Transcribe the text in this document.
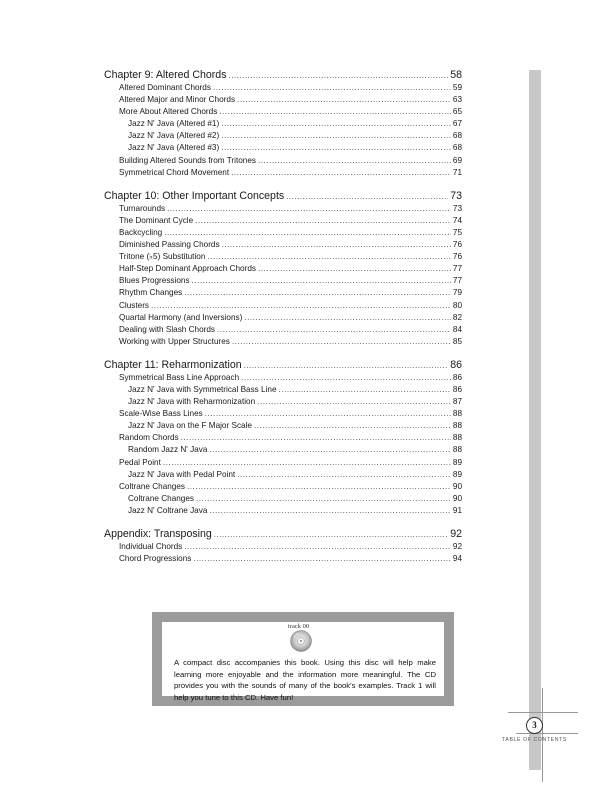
Chapter 9: Altered Chords .....	58
Altered Dominant Chords .....	59
Altered Major and Minor Chords .....	63
More About Altered Chords .....	65
Jazz N' Java (Altered #1) .....	67
Jazz N' Java (Altered #2) .....	68
Jazz N' Java (Altered #3) .....	68
Building Altered Sounds from Tritones .....	69
Symmetrical Chord Movement .....	71
Chapter 10: Other Important Concepts .....	73
Turnarounds .....	73
The Dominant Cycle .....	74
Backcycling .....	75
Diminished Passing Chords .....	76
Tritone (♭5) Substitution .....	76
Half-Step Dominant Approach Chords .....	77
Blues Progressions .....	77
Rhythm Changes .....	79
Clusters .....	80
Quartal Harmony (and Inversions) .....	82
Dealing with Slash Chords .....	84
Working with Upper Structures .....	85
Chapter 11: Reharmonization .....	86
Symmetrical Bass Line Approach .....	86
Jazz N' Java with Symmetrical Bass Line .....	86
Jazz N' Java with Reharmonization .....	87
Scale-Wise Bass Lines .....	88
Jazz N' Java on the F Major Scale .....	88
Random Chords .....	88
Random Jazz N' Java .....	88
Pedal Point .....	89
Jazz N' Java with Pedal Point .....	89
Coltrane Changes .....	90
Coltrane Changes .....	90
Jazz N' Coltrane Java .....	91
Appendix: Transposing .....	92
Individual Chords .....	92
Chord Progressions .....	94
track 00
A compact disc accompanies this book. Using this disc will help make learning more enjoyable and the information more meaningful. The CD provides you with the sounds of many of the book's examples. Track 1 will help you tune to this CD. Have fun!
3
TABLE OF CONTENTS
